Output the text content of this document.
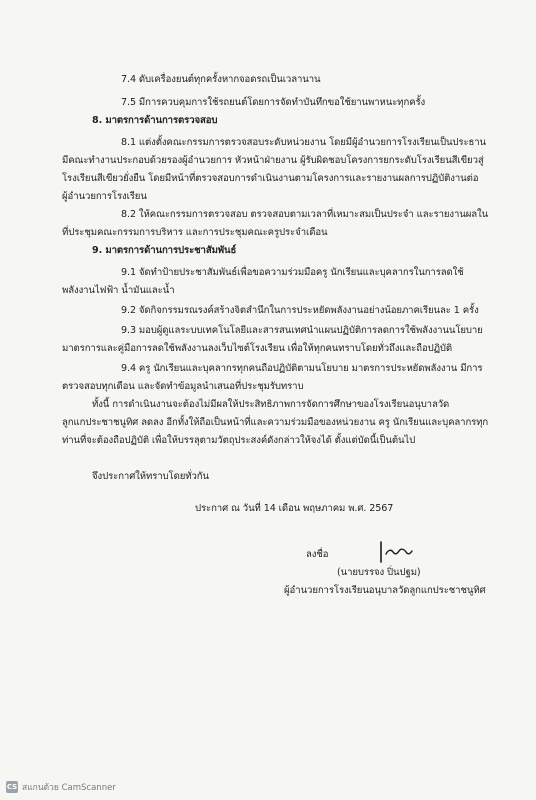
7.4 ดับเครื่องยนต์ทุกครั้งหากจอดรถเป็นเวลานาน
7.5 มีการควบคุมการใช้รถยนต์โดยการจัดทำบันทึกขอใช้ยานพาหนะทุกครั้ง
8. มาตรการด้านการตรวจสอบ
8.1 แต่งตั้งคณะกรรมการตรวจสอบระดับหน่วยงาน โดยมีผู้อำนวยการโรงเรียนเป็นประธาน
มีคณะทำงานประกอบด้วยรองผู้อำนวยการ หัวหน้าฝ่ายงาน ผู้รับผิดชอบโครงการยกระดับโรงเรียนสีเขียวสู่
โรงเรียนสีเขียวยั่งยืน โดยมีหน้าที่ตรวจสอบการดำเนินงานตามโครงการและรายงานผลการปฏิบัติงานต่อ
ผู้อำนวยการโรงเรียน
8.2 ให้คณะกรรมการตรวจสอบ ตรวจสอบตามเวลาที่เหมาะสมเป็นประจำ และรายงานผลใน
ที่ประชุมคณะกรรมการบริหาร และการประชุมคณะครูประจำเดือน
9. มาตรการด้านการประชาสัมพันธ์
9.1 จัดทำป้ายประชาสัมพันธ์เพื่อขอความร่วมมือครู นักเรียนและบุคลากรในการลดใช้
พลังงานไฟฟ้า น้ำมันและน้ำ
9.2 จัดกิจกรรมรณรงค์สร้างจิตสำนึกในการประหยัดพลังงานอย่างน้อยภาคเรียนละ 1 ครั้ง
9.3 มอบผู้ดูแลระบบเทคโนโลยีและสารสนเทศนำแผนปฏิบัติการลดการใช้พลังงานนโยบาย
มาตรการและคู่มือการลดใช้พลังงานลงเว็บไซต์โรงเรียน เพื่อให้ทุกคนทราบโดยทั่วถึงและถือปฏิบัติ
9.4 ครู นักเรียนและบุคลากรทุกคนถือปฏิบัติตามนโยบาย มาตรการประหยัดพลังงาน มีการ
ตรวจสอบทุกเดือน และจัดทำข้อมูลนำเสนอที่ประชุมรับทราบ
ทั้งนี้ การดำเนินงานจะต้องไม่มีผลให้ประสิทธิภาพการจัดการศึกษาของโรงเรียนอนุบาลวัด
ลูกแกประชาชนูทิศ ลดลง อีกทั้งให้ถือเป็นหน้าที่และความร่วมมือของหน่วยงาน ครู นักเรียนและบุคลากรทุก
ท่านที่จะต้องถือปฏิบัติ เพื่อให้บรรลุตามวัตถุประสงค์ดังกล่าวให้จงได้ ตั้งแต่บัดนี้เป็นต้นไป
จึงประกาศให้ทราบโดยทั่วกัน
ประกาศ ณ วันที่ 14 เดือน พฤษภาคม พ.ศ. 2567
ลงชื่อ
(นายบรรจง ปิ่นปฐม)
ผู้อำนวยการโรงเรียนอนุบาลวัดลูกแกประชาชนูทิศ
CS สแกนด้วย CamScanner
